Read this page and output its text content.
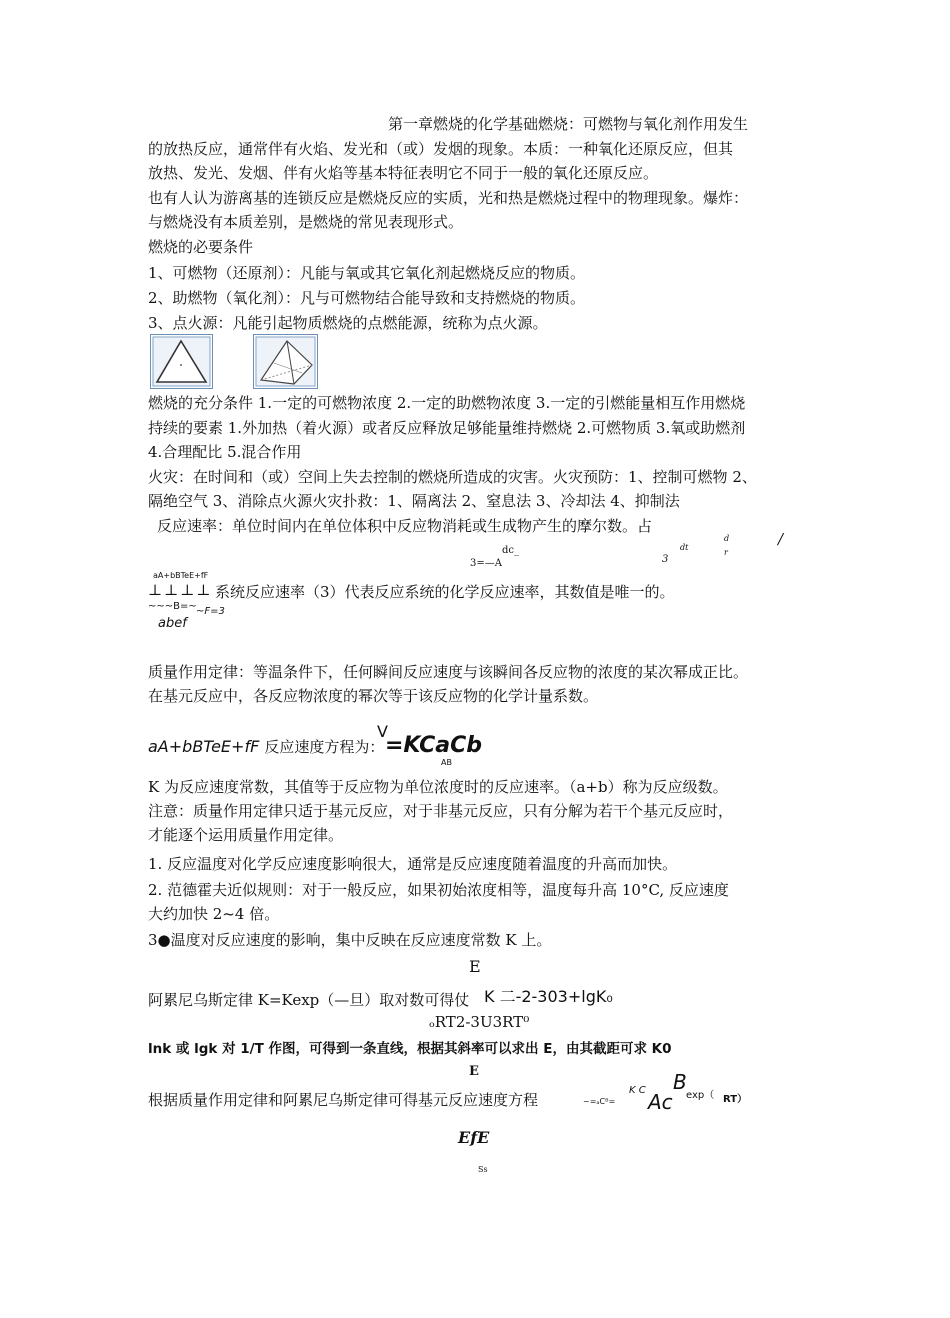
第一章燃烧的化学基础燃烧：可燃物与氧化剂作用发生
的放热反应，通常伴有火焰、发光和（或）发烟的现象。本质：一种氧化还原反应，但其
放热、发光、发烟、伴有火焰等基本特征表明它不同于一般的氧化还原反应。
也有人认为游离基的连锁反应是燃烧反应的实质，光和热是燃烧过程中的物理现象。爆炸：
与燃烧没有本质差别，是燃烧的常见表现形式。
燃烧的必要条件
1、可燃物（还原剂）：凡能与氧或其它氧化剂起燃烧反应的物质。
2、助燃物（氧化剂）：凡与可燃物结合能导致和支持燃烧的物质。
3、点火源：凡能引起物质燃烧的点燃能源，统称为点火源。
燃烧的充分条件 1.一定的可燃物浓度 2.一定的助燃物浓度 3.一定的引燃能量相互作用燃烧
持续的要素 1.外加热（着火源）或者反应释放足够能量维持燃烧 2.可燃物质 3.氧或助燃剂
4.合理配比 5.混合作用
火灾：在时间和（或）空间上失去控制的燃烧所造成的灾害。火灾预防：1、控制可燃物 2、
隔绝空气 3、消除点火源火灾扑救：1、隔离法 2、窒息法 3、冷却法 4、抑制法
反应速率：单位时间内在单位体积中反应物消耗或生成物产生的摩尔数。占
dc_
3=—A	3
dt
d
r
/
aA+bBTeE+fF
⊥⊥⊥⊥ 系统反应速率（3）代表反应系统的化学反应速率，其数值是唯一的。
~~~B=~ ~F=3
abef
质量作用定律：等温条件下，任何瞬间反应速度与该瞬间各反应物的浓度的某次幂成正比。
在基元反应中，各反应物浓度的幂次等于该反应物的化学计量系数。
aA+bBTeE+fF 反应速度方程为：
V
=KCaCb
AB
K 为反应速度常数，其值等于反应物为单位浓度时的反应速率。（a+b）称为反应级数。
注意：质量作用定律只适于基元反应，对于非基元反应，只有分解为若干个基元反应时，
才能逐个运用质量作用定律。
1. 反应温度对化学反应速度影响很大，通常是反应速度随着温度的升高而加快。
2. 范德霍夫近似规则：对于一般反应，如果初始浓度相等，温度每升高 10°C, 反应速度
大约加快 2~4 倍。
3●温度对反应速度的影响，集中反映在反应速度常数 K 上。
E
阿累尼乌斯定律 K=Kexp（—旦）取对数可得仗 K 二-2-303+lgK₀
ₒRT2-3U3RT⁰
lnk 或 lgk 对 1/T 作图，可得到一条直线，根据其斜率可以求出 E，由其截距可求 K0
E
根据质量作用定律和阿累尼乌斯定律可得基元反应速度方程	~=ₐCᴮ=
K C Ac
B
exp（ RT）
EfE
Ss
